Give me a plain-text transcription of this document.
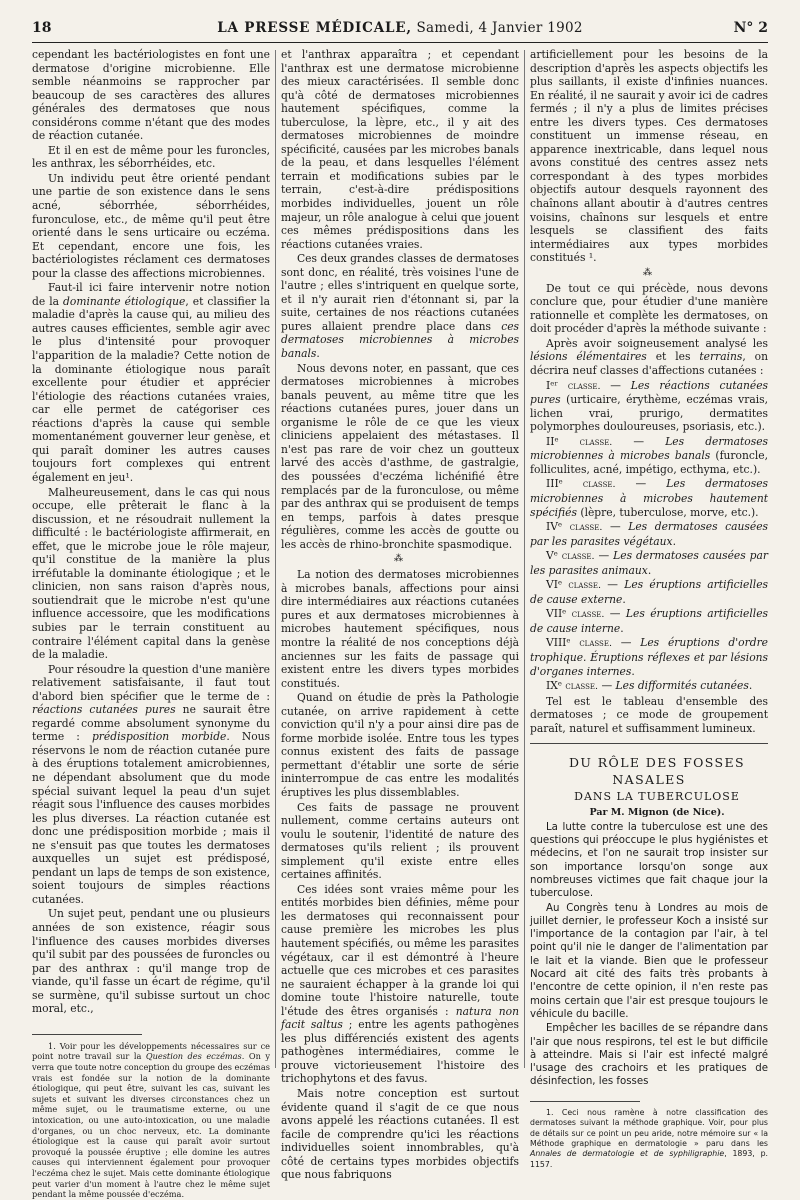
18	LA PRESSE MÉDICALE, Samedi, 4 Janvier 1902	N° 2

cependant les bactériologistes en font une dermatose d'origine microbienne. Elle semble néanmoins se rapprocher par beaucoup de ses caractères des allures générales des dermatoses que nous considérons comme n'étant que des modes de réaction cutanée.

Et il en est de même pour les furoncles, les anthrax, les séborrhéides, etc.

Un individu peut être orienté pendant une partie de son existence dans le sens acné, séborrhée, séborrhéides, furonculose, etc., de même qu'il peut être orienté dans le sens urticaire ou eczéma. Et cependant, encore une fois, les bactériologistes réclament ces dermatoses pour la classe des affections microbiennes.

Faut-il ici faire intervenir notre notion de la dominante étiologique, et classifier la maladie d'après la cause qui, au milieu des autres causes efficientes, semble agir avec le plus d'intensité pour provoquer l'apparition de la maladie? Cette notion de la dominante étiologique nous paraît excellente pour étudier et apprécier l'étiologie des réactions cutanées vraies, car elle permet de catégoriser ces réactions d'après la cause qui semble momentanément gouverner leur genèse, et qui paraît dominer les autres causes toujours fort complexes qui entrent également en jeu¹.

Malheureusement, dans le cas qui nous occupe, elle prêterait le flanc à la discussion, et ne résoudrait nullement la difficulté : le bactériologiste affirmerait, en effet, que le microbe joue le rôle majeur, qu'il constitue de la manière la plus irréfutable la dominante étiologique ; et le clinicien, non sans raison d'après nous, soutiendrait que le microbe n'est qu'une influence accessoire, que les modifications subies par le terrain constituent au contraire l'élément capital dans la genèse de la maladie.

Pour résoudre la question d'une manière relativement satisfaisante, il faut tout d'abord bien spécifier que le terme de : réactions cutanées pures ne saurait être regardé comme absolument synonyme du terme : prédisposition morbide. Nous réservons le nom de réaction cutanée pure à des éruptions totalement amicrobiennes, ne dépendant absolument que du mode spécial suivant lequel la peau d'un sujet réagit sous l'influence des causes morbides les plus diverses. La réaction cutanée est donc une prédisposition morbide ; mais il ne s'ensuit pas que toutes les dermatoses auxquelles un sujet est prédisposé, pendant un laps de temps de son existence, soient toujours de simples réactions cutanées.

Un sujet peut, pendant une ou plusieurs années de son existence, réagir sous l'influence des causes morbides diverses qu'il subit par des poussées de furoncles ou par des anthrax : qu'il mange trop de viande, qu'il fasse un écart de régime, qu'il se surmène, qu'il subisse surtout un choc moral, etc.,

1. Voir pour les développements nécessaires sur ce point notre travail sur la Question des eczémas. On y verra que toute notre conception du groupe des eczémas vrais est fondée sur la notion de la dominante étiologique, qui peut être, suivant les cas, suivant les sujets et suivant les diverses circonstances chez un même sujet, ou le traumatisme externe, ou une intoxication, ou une auto-intoxication, ou une maladie d'organes, ou un choc nerveux, etc. La dominante étiologique est la cause qui paraît avoir surtout provoqué la poussée éruptive ; elle domine les autres causes qui interviennent également pour provoquer l'eczéma chez le sujet. Mais cette dominante étiologique peut varier d'un moment à l'autre chez le même sujet pendant la même poussée d'eczéma.

et l'anthrax apparaîtra ; et cependant l'anthrax est une dermatose microbienne des mieux caractérisées. Il semble donc qu'à côté de dermatoses microbiennes hautement spécifiques, comme la tuberculose, la lèpre, etc., il y ait des dermatoses microbiennes de moindre spécificité, causées par les microbes banals de la peau, et dans lesquelles l'élément terrain et modifications subies par le terrain, c'est-à-dire prédispositions morbides individuelles, jouent un rôle majeur, un rôle analogue à celui que jouent ces mêmes prédispositions dans les réactions cutanées vraies.

Ces deux grandes classes de dermatoses sont donc, en réalité, très voisines l'une de l'autre ; elles s'intriquent en quelque sorte, et il n'y aurait rien d'étonnant si, par la suite, certaines de nos réactions cutanées pures allaient prendre place dans ces dermatoses microbiennes à microbes banals.

Nous devons noter, en passant, que ces dermatoses microbiennes à microbes banals peuvent, au même titre que les réactions cutanées pures, jouer dans un organisme le rôle de ce que les vieux cliniciens appelaient des métastases. Il n'est pas rare de voir chez un goutteux larvé des accès d'asthme, de gastralgie, des poussées d'eczéma lichénifié être remplacés par de la furonculose, ou même par des anthrax qui se produisent de temps en temps, parfois à dates presque régulières, comme les accès de goutte ou les accès de rhino-bronchite spasmodique.

⁂

La notion des dermatoses microbiennes à microbes banals, affections pour ainsi dire intermédiaires aux réactions cutanées pures et aux dermatoses microbiennes à microbes hautement spécifiques, nous montre la réalité de nos conceptions déjà anciennes sur les faits de passage qui existent entre les divers types morbides constitués.

Quand on étudie de près la Pathologie cutanée, on arrive rapidement à cette conviction qu'il n'y a pour ainsi dire pas de forme morbide isolée. Entre tous les types connus existent des faits de passage permettant d'établir une sorte de série ininterrompue de cas entre les modalités éruptives les plus dissemblables.

Ces faits de passage ne prouvent nullement, comme certains auteurs ont voulu le soutenir, l'identité de nature des dermatoses qu'ils relient ; ils prouvent simplement qu'il existe entre elles certaines affinités.

Ces idées sont vraies même pour les entités morbides bien définies, même pour les dermatoses qui reconnaissent pour cause première les microbes les plus hautement spécifiés, ou même les parasites végétaux, car il est démontré à l'heure actuelle que ces microbes et ces parasites ne sauraient échapper à la grande loi qui domine toute l'histoire naturelle, toute l'étude des êtres organisés : natura non facit saltus ; entre les agents pathogènes les plus différenciés existent des agents pathogènes intermédiaires, comme le prouve victorieusement l'histoire des trichophytons et des favus.

Mais notre conception est surtout évidente quand il s'agit de ce que nous avons appelé les réactions cutanées. Il est facile de comprendre qu'ici les réactions individuelles soient innombrables, qu'à côté de certains types morbides objectifs que nous fabriquons

artificiellement pour les besoins de la description d'après les aspects objectifs les plus saillants, il existe d'infinies nuances. En réalité, il ne saurait y avoir ici de cadres fermés ; il n'y a plus de limites précises entre les divers types. Ces dermatoses constituent un immense réseau, en apparence inextricable, dans lequel nous avons constitué des centres assez nets correspondant à des types morbides objectifs autour desquels rayonnent des chaînons allant aboutir à d'autres centres voisins, chaînons sur lesquels et entre lesquels se classifient des faits intermédiaires aux types morbides constitués ¹.

⁂

De tout ce qui précède, nous devons conclure que, pour étudier d'une manière rationnelle et complète les dermatoses, on doit procéder d'après la méthode suivante :

Après avoir soigneusement analysé les lésions élémentaires et les terrains, on décrira neuf classes d'affections cutanées :

Iᵉʳ classe. — Les réactions cutanées pures (urticaire, érythème, eczémas vrais, lichen vrai, prurigo, dermatites polymorphes douloureuses, psoriasis, etc.).

IIᵉ classe. — Les dermatoses microbiennes à microbes banals (furoncle, folliculites, acné, impétigo, ecthyma, etc.).

IIIᵉ classe. — Les dermatoses microbiennes à microbes hautement spécifiés (lèpre, tuberculose, morve, etc.).

IVᵉ classe. — Les dermatoses causées par les parasites végétaux.

Vᵉ classe. — Les dermatoses causées par les parasites animaux.

VIᵉ classe. — Les éruptions artificielles de cause externe.

VIIᵉ classe. — Les éruptions artificielles de cause interne.

VIIIᵉ classe. — Les éruptions d'ordre trophique. Éruptions réflexes et par lésions d'organes internes.

IXᵉ classe. — Les difformités cutanées.

Tel est le tableau d'ensemble des dermatoses ; ce mode de groupement paraît, naturel et suffisamment lumineux.

DU RÔLE DES FOSSES NASALES

DANS LA TUBERCULOSE

Par M. Mignon (de Nice).

La lutte contre la tuberculose est une des questions qui préoccupe le plus hygiénistes et médecins, et l'on ne saurait trop insister sur son importance lorsqu'on songe aux nombreuses victimes que fait chaque jour la tuberculose.

Au Congrès tenu à Londres au mois de juillet dernier, le professeur Koch a insisté sur l'importance de la contagion par l'air, à tel point qu'il nie le danger de l'alimentation par le lait et la viande. Bien que le professeur Nocard ait cité des faits très probants à l'encontre de cette opinion, il n'en reste pas moins certain que l'air est presque toujours le véhicule du bacille.

Empêcher les bacilles de se répandre dans l'air que nous respirons, tel est le but difficile à atteindre. Mais si l'air est infecté malgré l'usage des crachoirs et les pratiques de désinfection, les fosses

1. Ceci nous ramène à notre classification des dermatoses suivant la méthode graphique. Voir, pour plus de détails sur ce point un peu aride, notre mémoire sur « la Méthode graphique en dermatologie » paru dans les Annales de dermatologie et de syphiligraphie, 1893, p. 1157.
